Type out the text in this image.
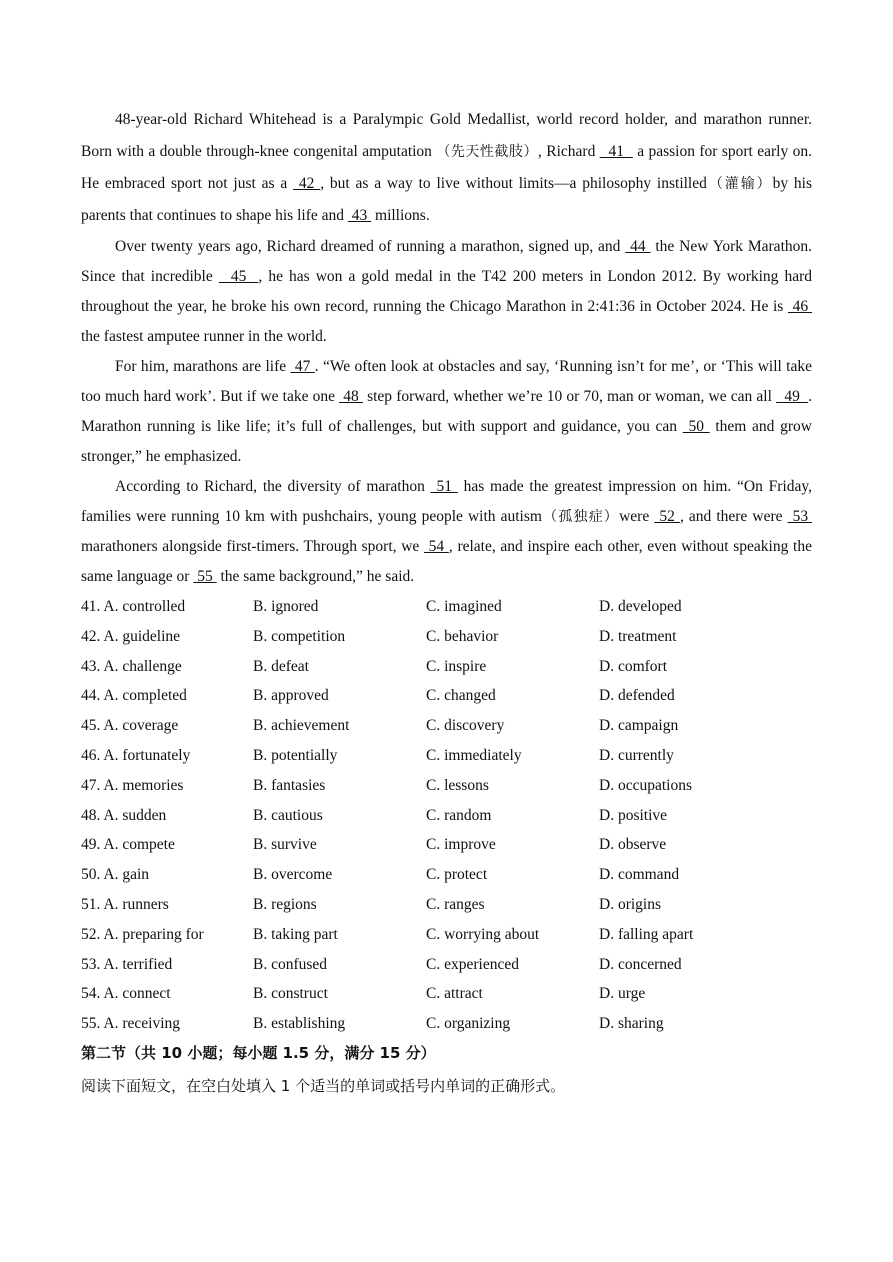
48-year-old Richard Whitehead is a Paralympic Gold Medallist, world record holder, and marathon runner. Born with a double through-knee congenital amputation （先天性截肢）, Richard   41   a passion for sport early on. He embraced sport not just as a  42 , but as a way to live without limits—a philosophy instilled（灌输）by his parents that continues to shape his life and  43  millions.

Over twenty years ago, Richard dreamed of running a marathon, signed up, and  44  the New York Marathon. Since that incredible   45  , he has won a gold medal in the T42 200 meters in London 2012. By working hard throughout the year, he broke his own record, running the Chicago Marathon in 2:41:36 in October 2024. He is  46  the fastest amputee runner in the world.

For him, marathons are life  47 . “We often look at obstacles and say, ‘Running isn’t for me’, or ‘This will take too much hard work’. But if we take one  48  step forward, whether we’re 10 or 70, man or woman, we can all   49  . Marathon running is like life; it’s full of challenges, but with support and guidance, you can  50  them and grow stronger,” he emphasized.

According to Richard, the diversity of marathon  51  has made the greatest impression on him. “On Friday, families were running 10 km with pushchairs, young people with autism（孤独症）were  52 , and there were  53  marathoners alongside first-timers. Through sport, we  54 , relate, and inspire each other, even without speaking the same language or  55  the same background,” he said.

41. A. controlled	B. ignored	C. imagined	D. developed
42. A. guideline	B. competition	C. behavior	D. treatment
43. A. challenge	B. defeat	C. inspire	D. comfort
44. A. completed	B. approved	C. changed	D. defended
45. A. coverage	B. achievement	C. discovery	D. campaign
46. A. fortunately	B. potentially	C. immediately	D. currently
47. A. memories	B. fantasies	C. lessons	D. occupations
48. A. sudden	B. cautious	C. random	D. positive
49. A. compete	B. survive	C. improve	D. observe
50. A. gain	B. overcome	C. protect	D. command
51. A. runners	B. regions	C. ranges	D. origins
52. A. preparing for	B. taking part	C. worrying about	D. falling apart
53. A. terrified	B. confused	C. experienced	D. concerned
54. A. connect	B. construct	C. attract	D. urge
55. A. receiving	B. establishing	C. organizing	D. sharing
第二节（共 10 小题；每小题 1.5 分，满分 15 分）
阅读下面短文，在空白处填入 1 个适当的单词或括号内单词的正确形式。
